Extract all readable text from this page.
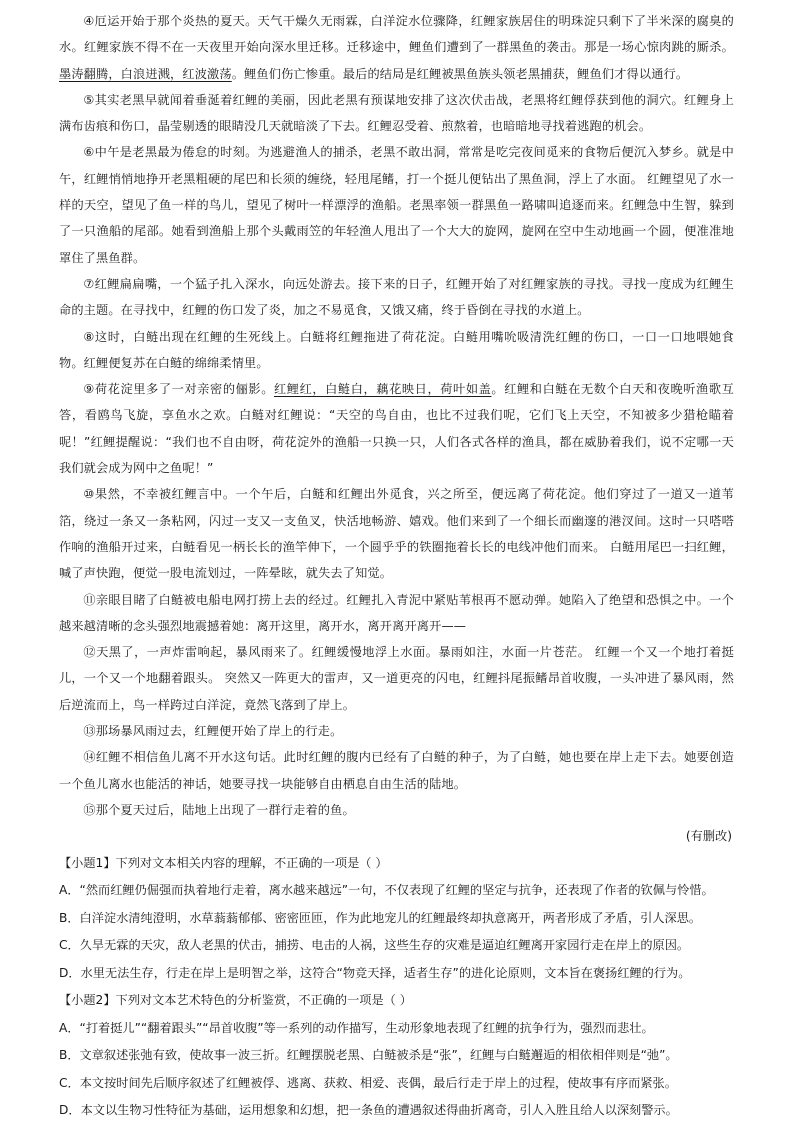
④厄运开始于那个炎热的夏天。天气干燥久无雨霖，白洋淀水位骤降，红鲤家族居住的明珠淀只剩下了半米深的腐臭的水。红鲤家族不得不在一天夜里开始向深水里迁移。迁移途中，鲤鱼们遭到了一群黑鱼的袭击。那是一场心惊肉跳的厮杀。墨涛翻腾，白浪迸溅，红波激荡。鲤鱼们伤亡惨重。最后的结局是红鲤被黑鱼族头领老黑捕获，鲤鱼们才得以通行。

⑤其实老黑早就闻着垂涎着红鲤的美丽，因此老黑有预谋地安排了这次伏击战，老黑将红鲤俘获到他的洞穴。红鲤身上满布齿痕和伤口，晶莹剔透的眼睛没几天就暗淡了下去。红鲤忍受着、煎熬着，也暗暗地寻找着逃跑的机会。

⑥中午是老黑最为倦怠的时刻。为逃避渔人的捕杀，老黑不敢出洞，常常是吃完夜间觅来的食物后便沉入梦乡。就是中午，红鲤悄悄地挣开老黑粗硬的尾巴和长须的缠绕，轻甩尾鳍，打一个挺儿便钻出了黑鱼洞，浮上了水面。 红鲤望见了水一样的天空，望见了鱼一样的鸟儿，望见了树叶一样漂浮的渔船。老黑率领一群黑鱼一路啸叫追逐而来。红鲤急中生智，躲到了一只渔船的尾部。她看到渔船上那个头戴雨笠的年轻渔人甩出了一个大大的旋网，旋网在空中生动地画一个圆，便准准地罩住了黑鱼群。

⑦红鲤扁扁嘴，一个猛子扎入深水，向远处游去。接下来的日子，红鲤开始了对红鲤家族的寻找。寻找一度成为红鲤生命的主题。在寻找中，红鲤的伤口发了炎，加之不易觅食，又饿又痛，终于昏倒在寻找的水道上。

⑧这时，白鲢出现在红鲤的生死线上。白鲢将红鲤拖进了荷花淀。白鲢用嘴吮吸清洗红鲤的伤口，一口一口地喂她食物。红鲤便复苏在白鲢的绵绵柔情里。

⑨荷花淀里多了一对亲密的俪影。红鲤红，白鲢白，藕花映日，荷叶如盖。红鲤和白鲢在无数个白天和夜晚听渔歌互答，看鸥鸟飞旋，享鱼水之欢。白鲢对红鲤说：“天空的鸟自由，也比不过我们呢，它们飞上天空，不知被多少猎枪瞄着呢！”红鲤提醒说：“我们也不自由呀，荷花淀外的渔船一只换一只，人们各式各样的渔具，都在威胁着我们，说不定哪一天我们就会成为网中之鱼呢！”

⑩果然，不幸被红鲤言中。一个午后，白鲢和红鲤出外觅食，兴之所至，便远离了荷花淀。他们穿过了一道又一道苇箔，绕过一条又一条粘网，闪过一支又一支鱼叉，快活地畅游、嬉戏。他们来到了一个细长而幽邃的港汊间。这时一只嗒嗒作响的渔船开过来，白鲢看见一柄长长的渔竿伸下，一个圆乎乎的铁圈拖着长长的电线冲他们而来。 白鲢用尾巴一扫红鲤，喊了声快跑，便觉一股电流划过，一阵晕眩，就失去了知觉。

⑪亲眼目睹了白鲢被电船电网打捞上去的经过。红鲤扎入青泥中紧贴苇根再不愿动弹。她陷入了绝望和恐惧之中。一个越来越清晰的念头强烈地震撼着她：离开这里，离开水，离开离开离开——

⑫天黑了，一声炸雷响起，暴风雨来了。红鲤缓慢地浮上水面。暴雨如注，水面一片苍茫。 红鲤一个又一个地打着挺儿，一个又一个地翻着跟头。 突然又一阵更大的雷声，又一道更亮的闪电，红鲤抖尾振鳍昂首收腹，一头冲进了暴风雨，然后逆流而上，鸟一样跨过白洋淀，竟然飞落到了岸上。

⑬那场暴风雨过去，红鲤便开始了岸上的行走。

⑭红鲤不相信鱼儿离不开水这句话。此时红鲤的腹内已经有了白鲢的种子，为了白鲢，她也要在岸上走下去。她要创造一个鱼儿离水也能活的神话，她要寻找一块能够自由栖息自由生活的陆地。

⑮那个夏天过后，陆地上出现了一群行走着的鱼。

(有删改)
【小题1】下列对文本相关内容的理解，不正确的一项是（ ）
A．“然而红鲤仍倔强而执着地行走着，离水越来越远”一句，不仅表现了红鲤的坚定与抗争，还表现了作者的钦佩与怜惜。
B．白洋淀水清纯澄明，水草蓊蓊郁郁、密密匝匝，作为此地宠儿的红鲤最终却执意离开，两者形成了矛盾，引人深思。
C．久旱无霖的天灾，敌人老黑的伏击，捕捞、电击的人祸，这些生存的灾难是逼迫红鲤离开家园行走在岸上的原因。
D．水里无法生存，行走在岸上是明智之举，这符合“物竞天择，适者生存”的进化论原则，文本旨在褒扬红鲤的行为。
【小题2】下列对文本艺术特色的分析鉴赏，不正确的一项是（ ）
A．“打着挺儿”“翻着跟头”“昂首收腹”等一系列的动作描写，生动形象地表现了红鲤的抗争行为，强烈而悲壮。
B．文章叙述张弛有致，使故事一波三折。红鲤摆脱老黑、白鲢被杀是“张”，红鲤与白鲢邂逅的相依相伴则是“弛”。
C．本文按时间先后顺序叙述了红鲤被俘、逃离、获救、相爱、丧偶，最后行走于岸上的过程，使故事有序而紧张。
D．本文以生物习性特征为基础，运用想象和幻想，把一条鱼的遭遇叙述得曲折离奇，引人入胜且给人以深刻警示。
